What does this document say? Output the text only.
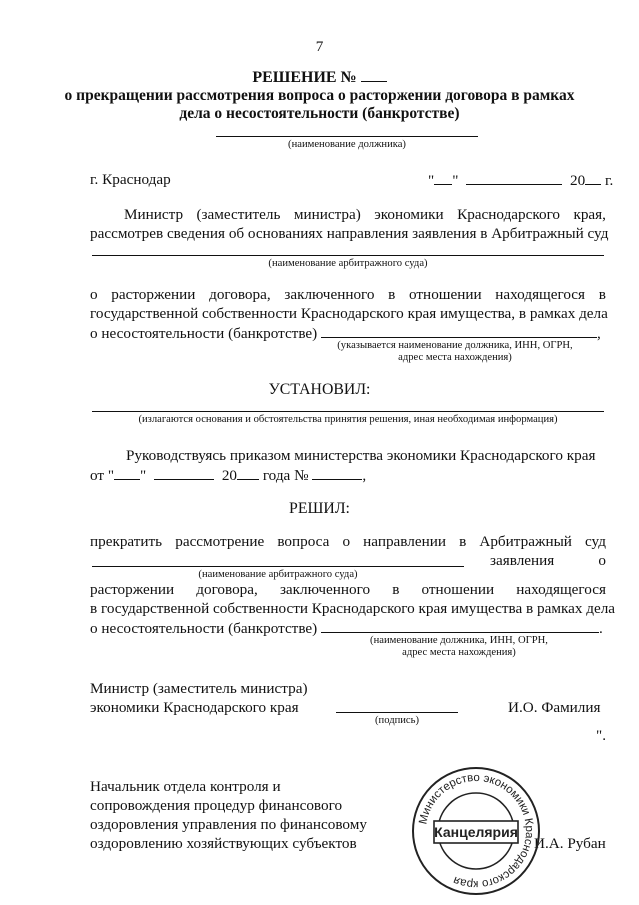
7
РЕШЕНИЕ №
о прекращении рассмотрения вопроса о расторжении договора в рамках
дела о несостоятельности (банкротстве)
(наименование должника)
г. Краснодар	" "	20 г.
Министр (заместитель министра) экономики Краснодарского края,
рассмотрев сведения об основаниях направления заявления в Арбитражный суд
(наименование арбитражного суда)
о расторжении договора, заключенного в отношении находящегося в
государственной собственности Краснодарского края имущества, в рамках дела
о несостоятельности (банкротстве)	,
(указывается наименование должника, ИНН, ОГРН,
адрес места нахождения)
УСТАНОВИЛ:
(излагаются основания и обстоятельства принятия решения, иная необходимая информация)
Руководствуясь приказом министерства экономики Краснодарского края
от " "	20 года №	,
РЕШИЛ:
прекратить рассмотрение вопроса о направлении в Арбитражный суд
заявления	о
(наименование арбитражного суда)
расторжении договора, заключенного в отношении находящегося
в государственной собственности Краснодарского края имущества в рамках дела
о несостоятельности (банкротстве)	.
(наименование должника, ИНН, ОГРН,
адрес места нахождения)
Министр (заместитель министра)
экономики Краснодарского края
(подпись)
И.О. Фамилия
".
Начальник отдела контроля и
сопровождения процедур финансового
оздоровления управления по финансовому
оздоровлению хозяйствующих субъектов	И.А. Рубан
Министерство экономики Краснодарского края
Канцелярия
